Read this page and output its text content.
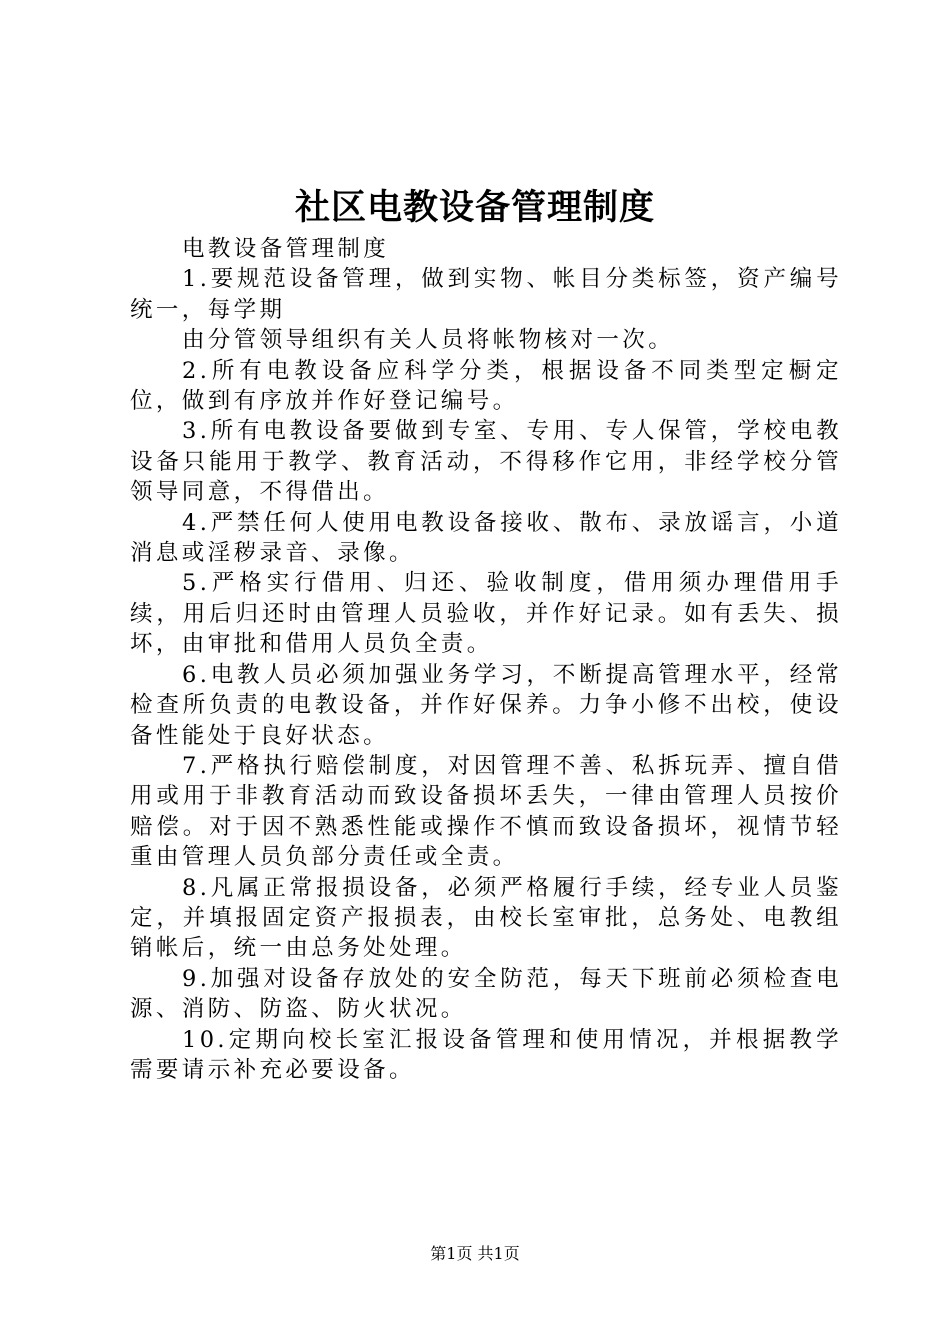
社区电教设备管理制度

电教设备管理制度

1.要规范设备管理，做到实物、帐目分类标签，资产编号统一，每学期

由分管领导组织有关人员将帐物核对一次。

2.所有电教设备应科学分类，根据设备不同类型定橱定位，做到有序放并作好登记编号。

3.所有电教设备要做到专室、专用、专人保管，学校电教设备只能用于教学、教育活动，不得移作它用，非经学校分管领导同意，不得借出。

4.严禁任何人使用电教设备接收、散布、录放谣言，小道消息或淫秽录音、录像。

5.严格实行借用、归还、验收制度，借用须办理借用手续，用后归还时由管理人员验收，并作好记录。如有丢失、损坏，由审批和借用人员负全责。

6.电教人员必须加强业务学习，不断提高管理水平，经常检查所负责的电教设备，并作好保养。力争小修不出校，使设备性能处于良好状态。

7.严格执行赔偿制度，对因管理不善、私拆玩弄、擅自借用或用于非教育活动而致设备损坏丢失，一律由管理人员按价赔偿。对于因不熟悉性能或操作不慎而致设备损坏，视情节轻重由管理人员负部分责任或全责。

8.凡属正常报损设备，必须严格履行手续，经专业人员鉴定，并填报固定资产报损表，由校长室审批，总务处、电教组销帐后，统一由总务处处理。

9.加强对设备存放处的安全防范，每天下班前必须检查电源、消防、防盗、防火状况。

10.定期向校长室汇报设备管理和使用情况，并根据教学需要请示补充必要设备。

第1页 共1页
